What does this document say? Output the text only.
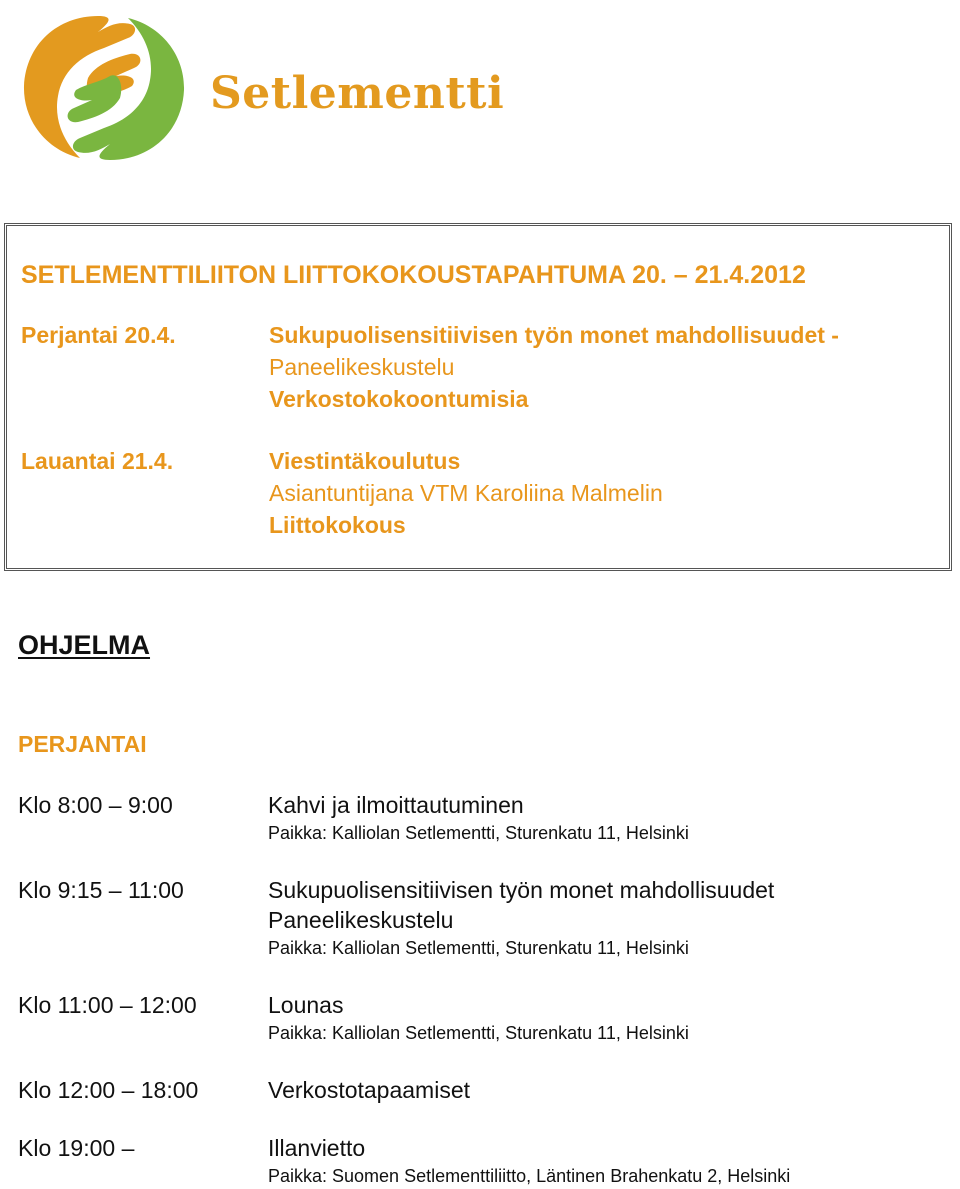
Setlementti
SETLEMENTTILIITON LIITTOKOKOUSTAPAHTUMA 20. – 21.4.2012
Perjantai 20.4.	Sukupuolisensitiivisen työn monet mahdollisuudet -
Paneelikeskustelu
Verkostokokoontumisia
Lauantai 21.4.	Viestintäkoulutus
Asiantuntijana VTM Karoliina Malmelin
Liittokokous
OHJELMA
PERJANTAI
Klo 8:00 – 9:00	Kahvi ja ilmoittautuminen
Paikka: Kalliolan Setlementti, Sturenkatu 11, Helsinki
Klo 9:15 – 11:00	Sukupuolisensitiivisen työn monet mahdollisuudet
Paneelikeskustelu
Paikka: Kalliolan Setlementti, Sturenkatu 11, Helsinki
Klo 11:00 – 12:00	Lounas
Paikka: Kalliolan Setlementti, Sturenkatu 11, Helsinki
Klo 12:00 – 18:00	Verkostotapaamiset
Klo 19:00 –	Illanvietto
Paikka: Suomen Setlementtiliitto, Läntinen Brahenkatu 2, Helsinki
